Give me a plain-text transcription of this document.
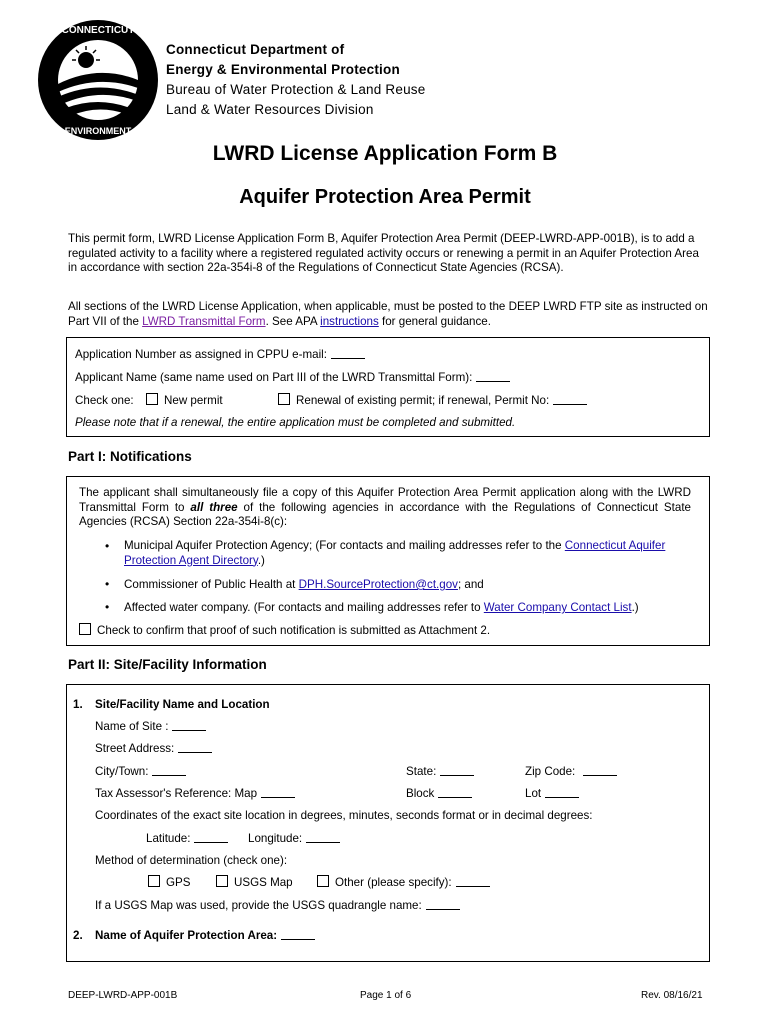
CONNECTICUT
ENVIRONMENT
Connecticut Department of
Energy & Environmental Protection
Bureau of Water Protection & Land Reuse
Land & Water Resources Division
LWRD License Application Form B
Aquifer Protection Area Permit
This permit form, LWRD License Application Form B, Aquifer Protection Area Permit (DEEP-LWRD-APP-001B), is to add a regulated activity to a facility where a registered regulated activity occurs or renewing a permit in an Aquifer Protection Area in accordance with section 22a-354i-8 of the Regulations of Connecticut State Agencies (RCSA).
All sections of the LWRD License Application, when applicable, must be posted to the DEEP LWRD FTP site as instructed on Part VII of the LWRD Transmittal Form. See APA instructions for general guidance.
Application Number as assigned in CPPU e-mail:
Applicant Name (same name used on Part III of the LWRD Transmittal Form):
Check one:	New permit	Renewal of existing permit; if renewal, Permit No:
Please note that if a renewal, the entire application must be completed and submitted.
Part I: Notifications
The applicant shall simultaneously file a copy of this Aquifer Protection Area Permit application along with the LWRD Transmittal Form to all three of the following agencies in accordance with the Regulations of Connecticut State Agencies (RCSA) Section 22a-354i-8(c):
• Municipal Aquifer Protection Agency; (For contacts and mailing addresses refer to the Connecticut Aquifer Protection Agent Directory.)
• Commissioner of Public Health at DPH.SourceProtection@ct.gov; and
• Affected water company. (For contacts and mailing addresses refer to Water Company Contact List.)
Check to confirm that proof of such notification is submitted as Attachment 2.
Part II: Site/Facility Information
1. Site/Facility Name and Location
Name of Site :
Street Address:
City/Town:	State:	Zip Code:
Tax Assessor's Reference: Map	Block	Lot
Coordinates of the exact site location in degrees, minutes, seconds format or in decimal degrees:
Latitude:	Longitude:
Method of determination (check one):
GPS	USGS Map	Other (please specify):
If a USGS Map was used, provide the USGS quadrangle name:
2. Name of Aquifer Protection Area:
DEEP-LWRD-APP-001B	Page 1 of 6	Rev. 08/16/21
